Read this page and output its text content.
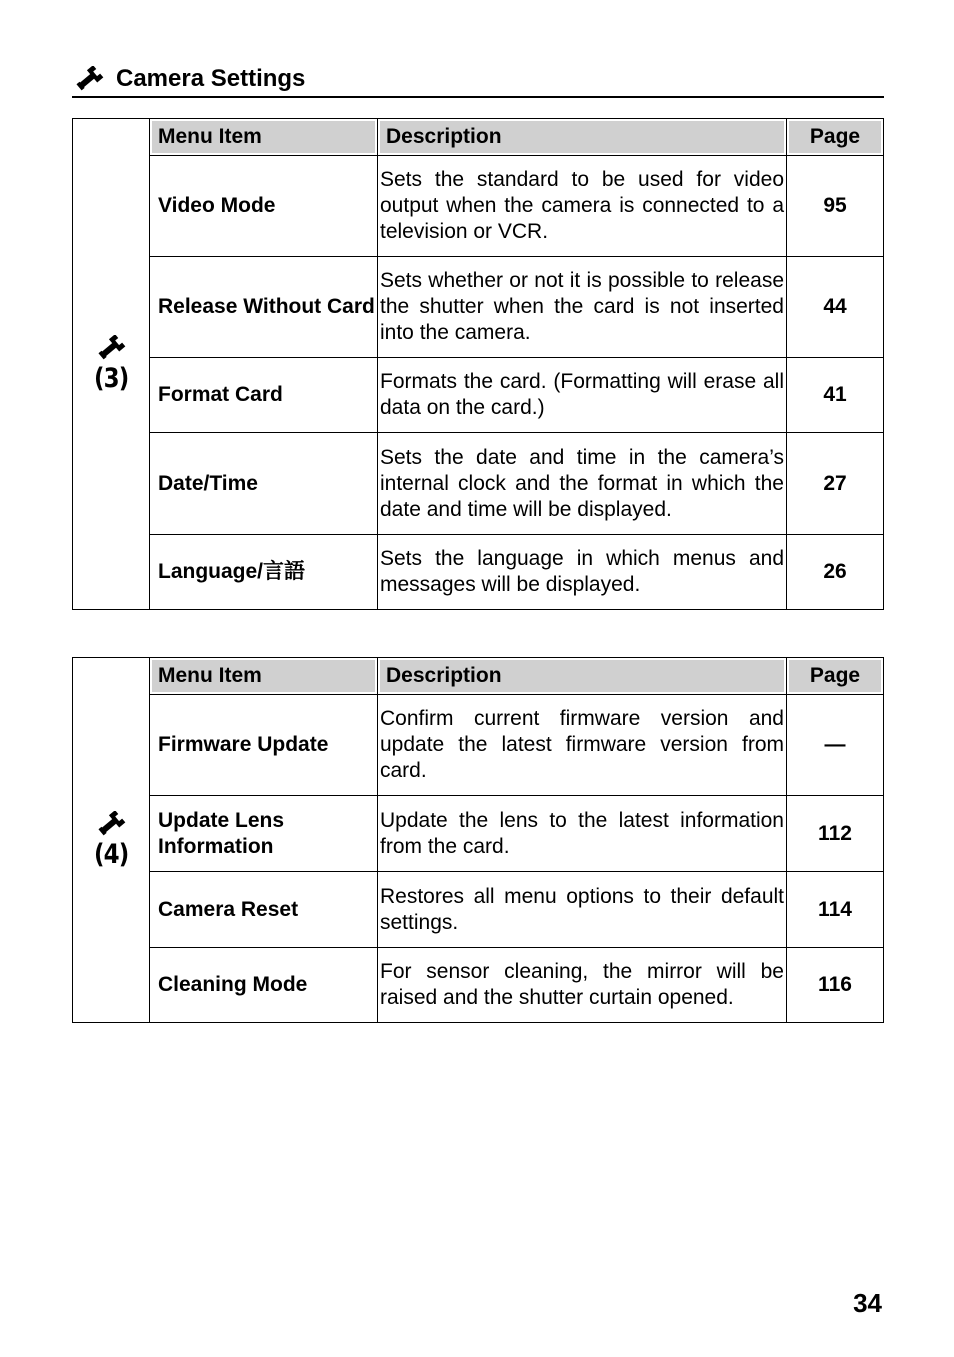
Camera Settings
(3)	Menu Item	Description	Page
	Video Mode	Sets the standard to be used for video output when the camera is connected to a television or VCR.	95
	Release Without Card	Sets whether or not it is possible to release the shutter when the card is not inserted into the camera.	44
	Format Card	Formats the card. (Formatting will erase all data on the card.)	41
	Date/Time	Sets the date and time in the camera’s internal clock and the format in which the date and time will be displayed.	27
	Language/言語	Sets the language in which menus and messages will be displayed.	26
(4)	Menu Item	Description	Page
	Firmware Update	Confirm current firmware version and update the latest firmware version from card.	—
	Update Lens Information	Update the lens to the latest information from the card.	112
	Camera Reset	Restores all menu options to their default settings.	114
	Cleaning Mode	For sensor cleaning, the mirror will be raised and the shutter curtain opened.	116
34
